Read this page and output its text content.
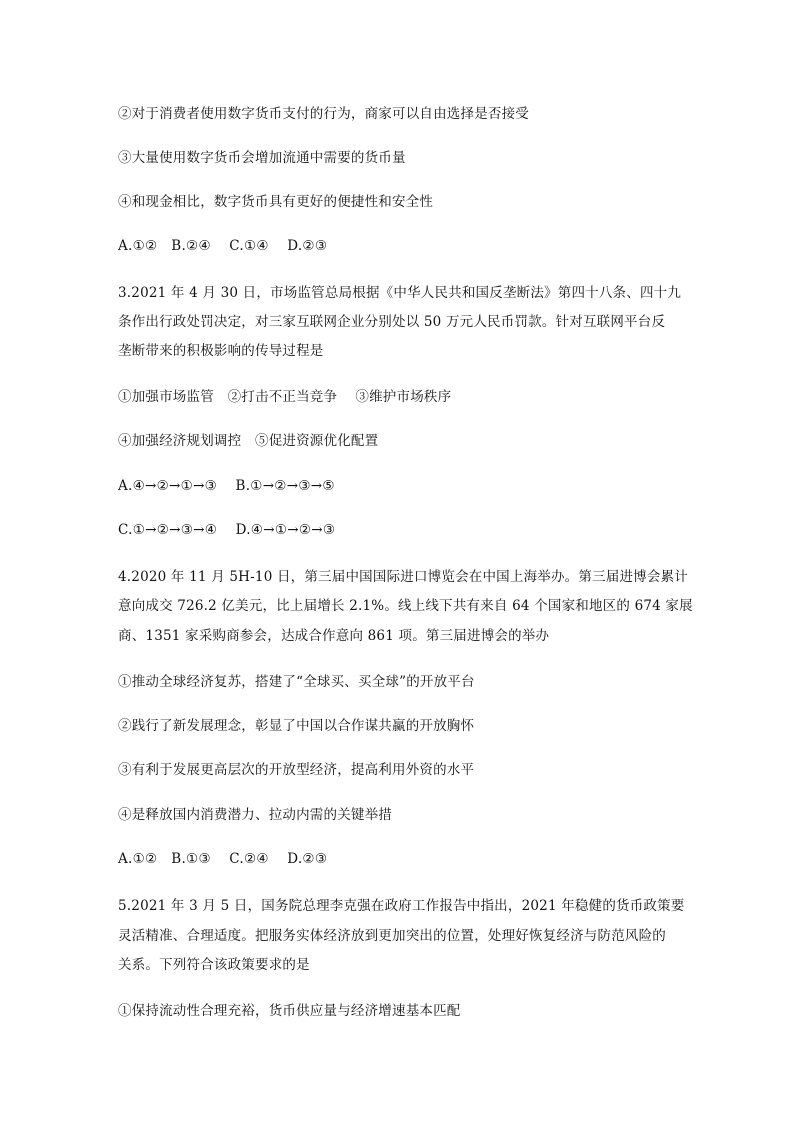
②对于消费者使用数字货币支付的行为，商家可以自由选择是否接受
③大量使用数字货币会增加流通中需要的货币量
④和现金相比，数字货币具有更好的便捷性和安全性
A.①②　B.②④　 C.①④　 D.②③
3.2021 年 4 月 30 日，市场监管总局根据《中华人民共和国反垄断法》第四十八条、四十九
条作出行政处罚决定，对三家互联网企业分别处以 50 万元人民币罚款。针对互联网平台反
垄断带来的积极影响的传导过程是
①加强市场监管　②打击不正当竞争　 ③维护市场秩序
④加强经济规划调控　⑤促进资源优化配置
A.④→②→①→③　 B.①→②→③→⑤
C.①→②→③→④　 D.④→①→②→③
4.2020 年 11 月 5H-10 日，第三届中国国际进口博览会在中国上海举办。第三届进博会累计
意向成交 726.2 亿美元，比上届增长 2.1%。线上线下共有来自 64 个国家和地区的 674 家展
商、1351 家采购商参会，达成合作意向 861 项。第三届进博会的举办
①推动全球经济复苏，搭建了“全球买、买全球”的开放平台
②践行了新发展理念，彰显了中国以合作谋共赢的开放胸怀
③有利于发展更高层次的开放型经济，提高利用外资的水平
④是释放国内消费潜力、拉动内需的关键举措
A.①②　B.①③　 C.②④　 D.②③
5.2021 年 3 月 5 日，国务院总理李克强在政府工作报告中指出，2021 年稳健的货币政策要
灵活精准、合理适度。把服务实体经济放到更加突出的位置，处理好恢复经济与防范风险的
关系。下列符合该政策要求的是
①保持流动性合理充裕，货币供应量与经济增速基本匹配
